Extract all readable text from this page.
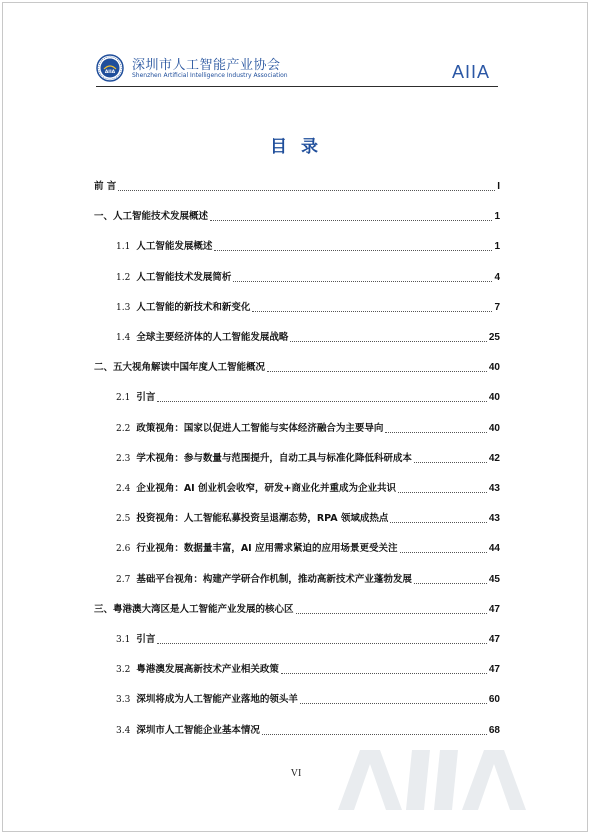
AIIA 深圳市人工智能产业协会
Shenzhen Artificial Intelligence Industry Association	AIIA
目 录
前 言	I
一、人工智能技术发展概述	1
1.1 人工智能发展概述	1
1.2 人工智能技术发展简析	4
1.3 人工智能的新技术和新变化	7
1.4 全球主要经济体的人工智能发展战略	25
二、五大视角解读中国年度人工智能概况	40
2.1 引言	40
2.2 政策视角：国家以促进人工智能与实体经济融合为主要导向	40
2.3 学术视角：参与数量与范围提升，自动工具与标准化降低科研成本	42
2.4 企业视角：AI 创业机会收窄，研发+商业化并重成为企业共识	43
2.5 投资视角：人工智能私募投资呈退潮态势，RPA 领域成热点	43
2.6 行业视角：数据量丰富，AI 应用需求紧迫的应用场景更受关注	44
2.7 基础平台视角：构建产学研合作机制，推动高新技术产业蓬勃发展	45
三、粤港澳大湾区是人工智能产业发展的核心区	47
3.1 引言	47
3.2 粤港澳发展高新技术产业相关政策	47
3.3 深圳将成为人工智能产业落地的领头羊	60
3.4 深圳市人工智能企业基本情况	68
VI
